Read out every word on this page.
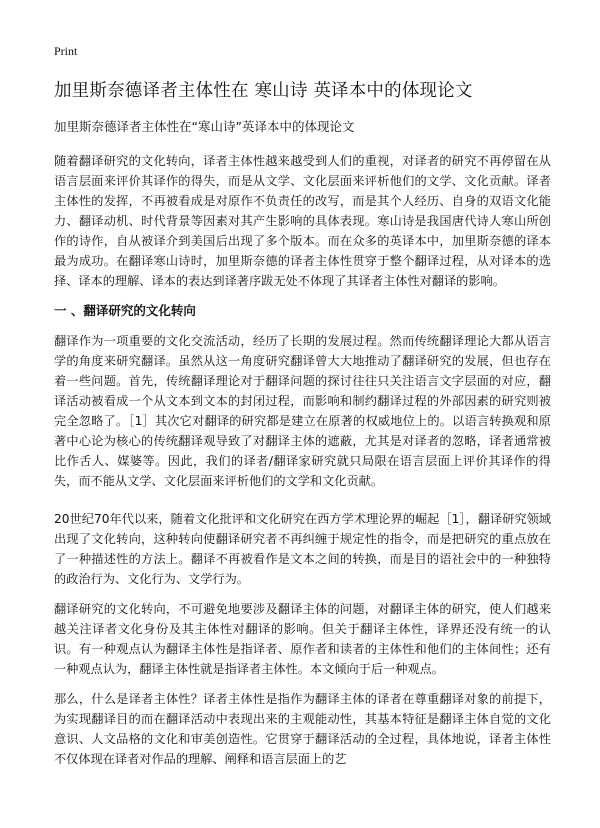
Print
加里斯奈德译者主体性在 寒山诗 英译本中的体现论文
加里斯奈德译者主体性在“寒山诗”英译本中的体现论文

随着翻译研究的文化转向，译者主体性越来越受到人们的重视，对译者的研究不再停留在从语言层面来评价其译作的得失，而是从文学、文化层面来评析他们的文学、文化贡献。译者主体性的发挥，不再被看成是对原作不负责任的改写，而是其个人经历、自身的双语文化能力、翻译动机、时代背景等因素对其产生影响的具体表现。寒山诗是我国唐代诗人寒山所创作的诗作，自从被译介到美国后出现了多个版本。而在众多的英译本中，加里斯奈德的译本最为成功。在翻译寒山诗时，加里斯奈德的译者主体性贯穿于整个翻译过程，从对译本的选择、译本的理解、译本的表达到译著序跋无处不体现了其译者主体性对翻译的影响。

一 、翻译研究的文化转向

翻译作为一项重要的文化交流活动，经历了长期的发展过程。然而传统翻译理论大都从语言学的角度来研究翻译。虽然从这一角度研究翻译曾大大地推动了翻译研究的发展，但也存在着一些问题。首先，传统翻译理论对于翻译问题的探讨往往只关注语言文字层面的对应，翻译活动被看成一个从文本到文本的封闭过程，而影响和制约翻译过程的外部因素的研究则被完全忽略了。［1］其次它对翻译的研究都是建立在原著的权威地位上的。以语言转换观和原著中心论为核心的传统翻译观导致了对翻译主体的遮蔽，尤其是对译者的忽略，译者通常被比作舌人、媒婆等。因此，我们的译者/翻译家研究就只局限在语言层面上评价其译作的得失，而不能从文学、文化层面来评析他们的文学和文化贡献。

20世纪70年代以来，随着文化批评和文化研究在西方学术理论界的崛起［1］，翻译研究领域出现了文化转向，这种转向使翻译研究者不再纠缠于规定性的指令，而是把研究的重点放在了一种描述性的方法上。翻译不再被看作是文本之间的转换，而是目的语社会中的一种独特的政治行为、文化行为、文学行为。

翻译研究的文化转向，不可避免地要涉及翻译主体的问题，对翻译主体的研究，使人们越来越关注译者文化身份及其主体性对翻译的影响。但关于翻译主体性，译界还没有统一的认识。有一种观点认为翻译主体性是指译者、原作者和读者的主体性和他们的主体间性；还有一种观点认为，翻译主体性就是指译者主体性。本文倾向于后一种观点。

那么，什么是译者主体性？译者主体性是指作为翻译主体的译者在尊重翻译对象的前提下，为实现翻译目的而在翻译活动中表现出来的主观能动性，其基本特征是翻译主体自觉的文化意识、人文品格的文化和审美创造性。它贯穿于翻译活动的全过程，具体地说，译者主体性不仅体现在译者对作品的理解、阐释和语言层面上的艺
